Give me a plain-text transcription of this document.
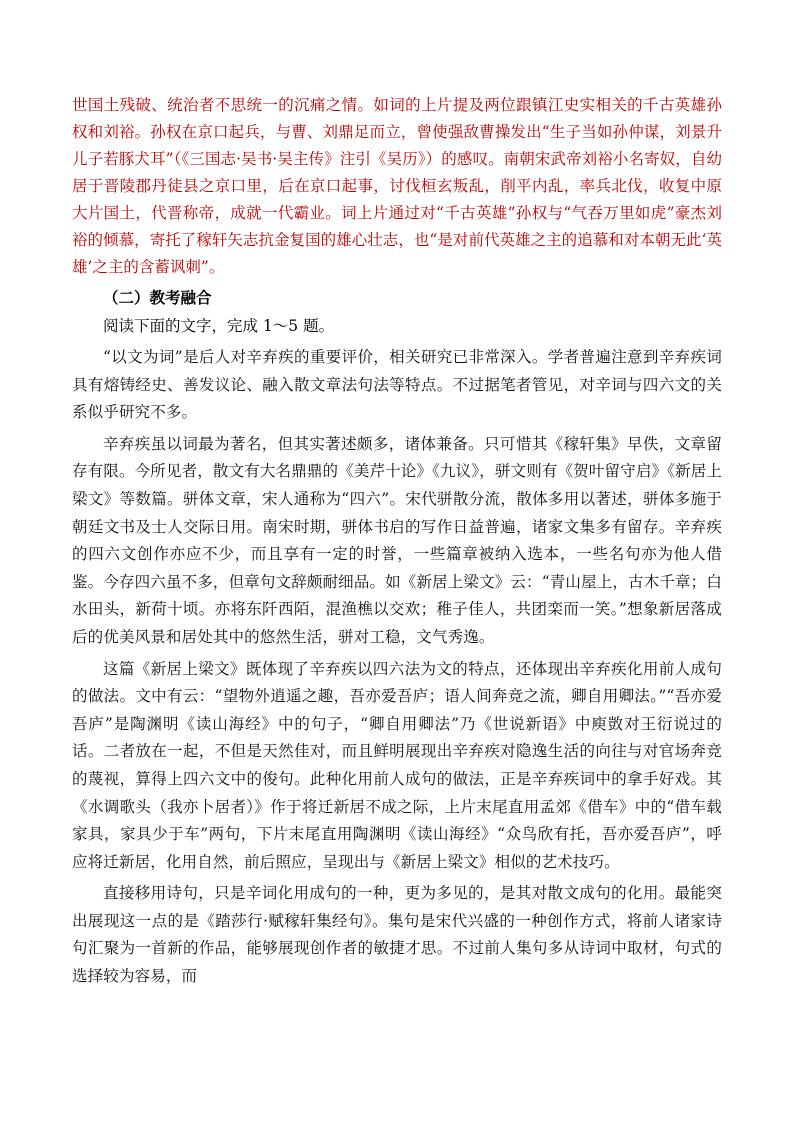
世国土残破、统治者不思统一的沉痛之情。如词的上片提及两位跟镇江史实相关的千古英雄孙权和刘裕。孙权在京口起兵，与曹、刘鼎足而立，曾使强敌曹操发出“生子当如孙仲谋，刘景升儿子若豚犬耳”（《三国志·吴书·吴主传》注引《吴历》）的感叹。南朝宋武帝刘裕小名寄奴，自幼居于晋陵郡丹徒县之京口里，后在京口起事，讨伐桓玄叛乱，削平内乱，率兵北伐，收复中原大片国土，代晋称帝，成就一代霸业。词上片通过对“千古英雄”孙权与“气吞万里如虎”豪杰刘裕的倾慕，寄托了稼轩矢志抗金复国的雄心壮志，也“是对前代英雄之主的追慕和对本朝无此‘英雄’之主的含蓄讽刺”。

（二）教考融合

阅读下面的文字，完成 1～5 题。

“以文为词”是后人对辛弃疾的重要评价，相关研究已非常深入。学者普遍注意到辛弃疾词具有熔铸经史、善发议论、融入散文章法句法等特点。不过据笔者管见，对辛词与四六文的关系似乎研究不多。

辛弃疾虽以词最为著名，但其实著述颇多，诸体兼备。只可惜其《稼轩集》早佚，文章留存有限。今所见者，散文有大名鼎鼎的《美芹十论》《九议》，骈文则有《贺叶留守启》《新居上梁文》等数篇。骈体文章，宋人通称为“四六”。宋代骈散分流，散体多用以著述，骈体多施于朝廷文书及士人交际日用。南宋时期，骈体书启的写作日益普遍，诸家文集多有留存。辛弃疾的四六文创作亦应不少，而且享有一定的时誉，一些篇章被纳入选本，一些名句亦为他人借鉴。今存四六虽不多，但章句文辞颇耐细品。如《新居上梁文》云：“青山屋上，古木千章；白水田头，新荷十顷。亦将东阡西陌，混渔樵以交欢；稚子佳人，共团栾而一笑。”想象新居落成后的优美风景和居处其中的悠然生活，骈对工稳，文气秀逸。

这篇《新居上梁文》既体现了辛弃疾以四六法为文的特点，还体现出辛弃疾化用前人成句的做法。文中有云：“望物外逍遥之趣，吾亦爱吾庐；语人间奔竞之流，卿自用卿法。”“吾亦爱吾庐”是陶渊明《读山海经》中的句子，“卿自用卿法”乃《世说新语》中庾敳对王衍说过的话。二者放在一起，不但是天然佳对，而且鲜明展现出辛弃疾对隐逸生活的向往与对官场奔竞的蔑视，算得上四六文中的俊句。此种化用前人成句的做法，正是辛弃疾词中的拿手好戏。其《水调歌头（我亦卜居者）》作于将迁新居不成之际，上片末尾直用孟郊《借车》中的“借车载家具，家具少于车”两句，下片末尾直用陶渊明《读山海经》“众鸟欣有托，吾亦爱吾庐”，呼应将迁新居，化用自然，前后照应，呈现出与《新居上梁文》相似的艺术技巧。

直接移用诗句，只是辛词化用成句的一种，更为多见的，是其对散文成句的化用。最能突出展现这一点的是《踏莎行·赋稼轩集经句》。集句是宋代兴盛的一种创作方式，将前人诸家诗句汇聚为一首新的作品，能够展现创作者的敏捷才思。不过前人集句多从诗词中取材，句式的选择较为容易，而
